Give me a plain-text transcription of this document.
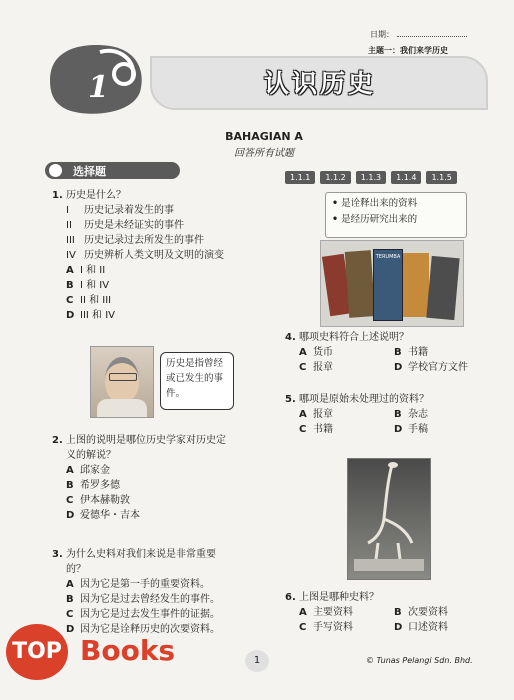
日期：
主题一：我们来学历史
认识历史
1
BAHAGIAN A
回答所有试题
选择题	1.1.1	1.1.2	1.1.3	1.1.4	1.1.5
1. 历史是什么？
I 历史记录着发生的事
II 历史是未经证实的事件
III 历史记录过去所发生的事件
IV 历史辨析人类文明及文明的演变
A I 和 II
B I 和 IV
C II 和 III
D III 和 IV
历史是指曾经或已发生的事件。
2. 上图的说明是哪位历史学家对历史定
义的解说？
A 邱家金
B 希罗多德
C 伊本赫勒敦
D 爱德华・吉本
3. 为什么史料对我们来说是非常重要
的？
A 因为它是第一手的重要资料。
B 因为它是过去曾经发生的事件。
C 因为它是过去发生事件的证据。
D 因为它是诠释历史的次要资料。
• 是诠释出来的资料
• 是经历研究出来的
TERUMBA
4. 哪项史料符合上述说明？
A 货币	B 书籍
C 报章	D 学校官方文件
5. 哪项是原始未处理过的资料？
A 报章	B 杂志
C 书籍	D 手稿
6. 上图是哪种史料？
A 主要资料	B 次要资料
C 手写资料	D 口述资料
1	© Tunas Pelangi Sdn. Bhd.
TOP Books
